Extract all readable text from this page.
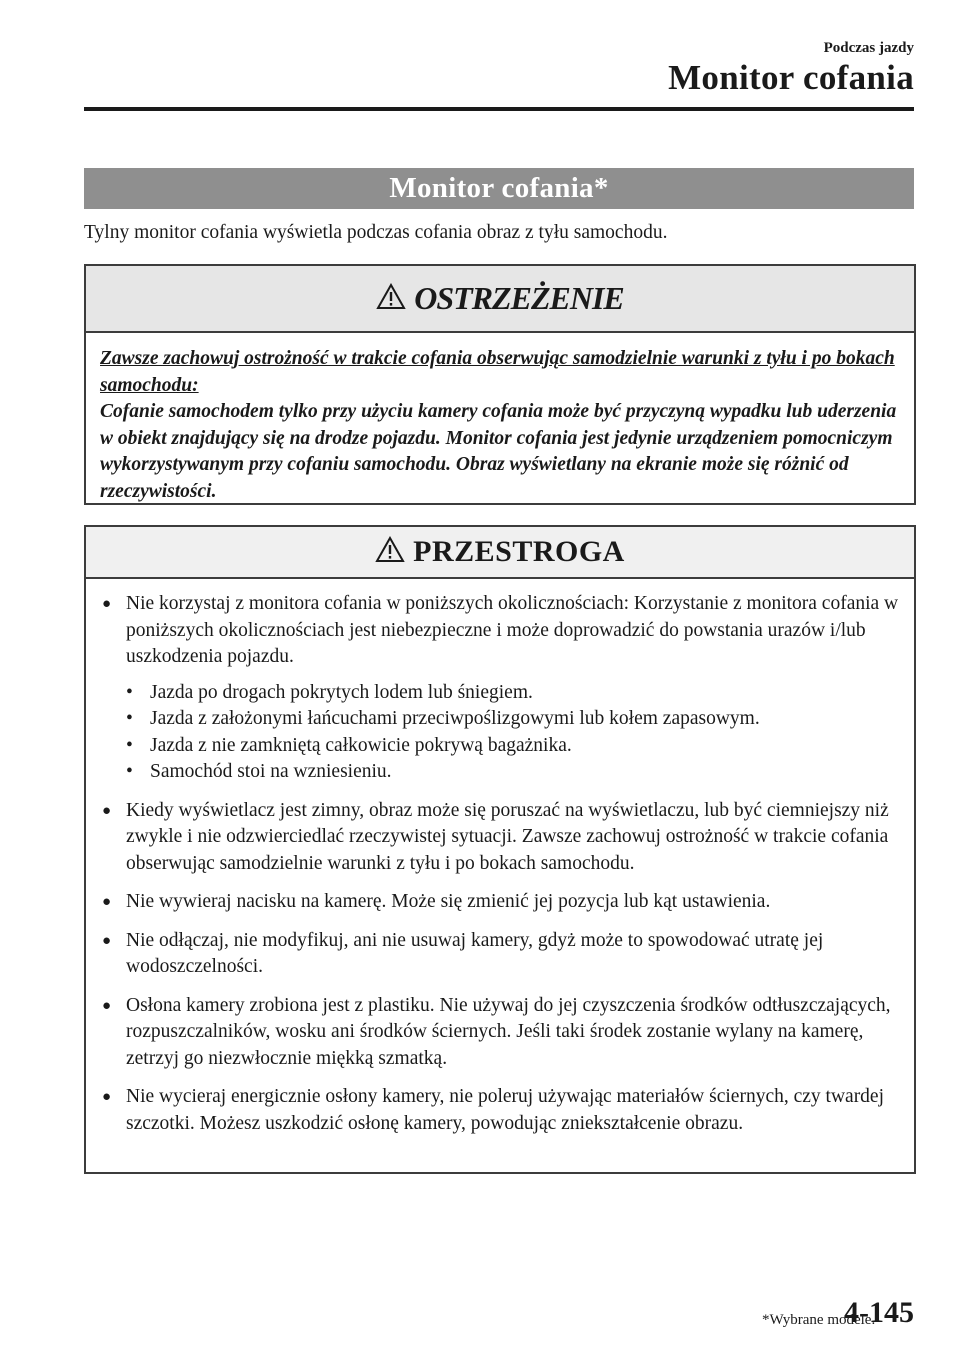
Podczas jazdy
Monitor cofania
Monitor cofania*
Tylny monitor cofania wyświetla podczas cofania obraz z tyłu samochodu.
OSTRZEŻENIE
Zawsze zachowuj ostrożność w trakcie cofania obserwując samodzielnie warunki z tyłu i po bokach samochodu:
Cofanie samochodem tylko przy użyciu kamery cofania może być przyczyną wypadku lub uderzenia w obiekt znajdujący się na drodze pojazdu. Monitor cofania jest jedynie urządzeniem pomocniczym wykorzystywanym przy cofaniu samochodu. Obraz wyświetlany na ekranie może się różnić od rzeczywistości.
PRZESTROGA
● Nie korzystaj z monitora cofania w poniższych okolicznościach: Korzystanie z monitora cofania w poniższych okolicznościach jest niebezpieczne i może doprowadzić do powstania urazów i/lub uszkodzenia pojazdu.
• Jazda po drogach pokrytych lodem lub śniegiem.
• Jazda z założonymi łańcuchami przeciwpoślizgowymi lub kołem zapasowym.
• Jazda z nie zamkniętą całkowicie pokrywą bagażnika.
• Samochód stoi na wzniesieniu.
● Kiedy wyświetlacz jest zimny, obraz może się poruszać na wyświetlaczu, lub być ciemniejszy niż zwykle i nie odzwierciedlać rzeczywistej sytuacji. Zawsze zachowuj ostrożność w trakcie cofania obserwując samodzielnie warunki z tyłu i po bokach samochodu.
● Nie wywieraj nacisku na kamerę. Może się zmienić jej pozycja lub kąt ustawienia.
● Nie odłączaj, nie modyfikuj, ani nie usuwaj kamery, gdyż może to spowodować utratę jej wodoszczelności.
● Osłona kamery zrobiona jest z plastiku. Nie używaj do jej czyszczenia środków odtłuszczających, rozpuszczalników, wosku ani środków ściernych. Jeśli taki środek zostanie wylany na kamerę, zetrzyj go niezwłocznie miękką szmatką.
● Nie wycieraj energicznie osłony kamery, nie poleruj używając materiałów ściernych, czy twardej szczotki. Możesz uszkodzić osłonę kamery, powodując zniekształcenie obrazu.
*Wybrane modele.
4-145
